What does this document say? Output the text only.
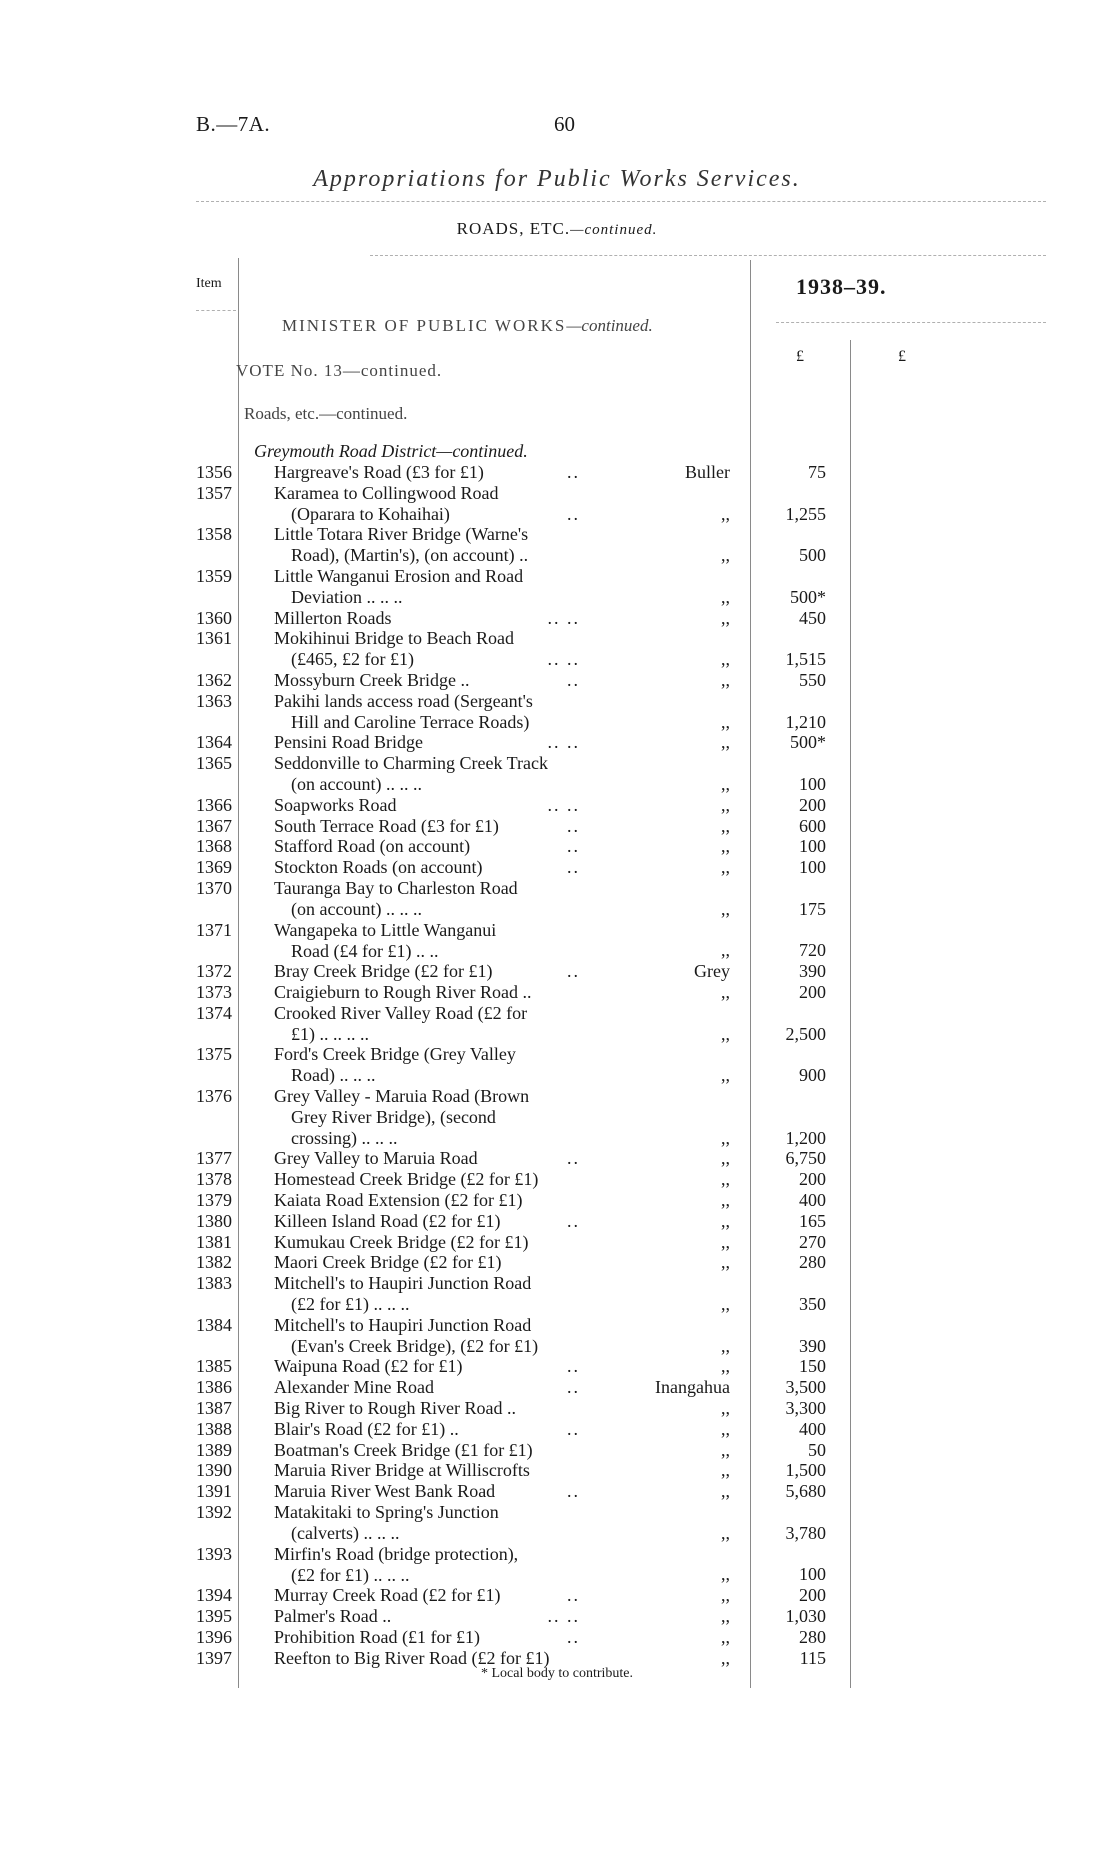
B.—7A.	60
Appropriations for Public Works Services.
ROADS, ETC.—continued.
Item	1938–39.
£	£
MINISTER OF PUBLIC WORKS—continued.
VOTE No. 13—continued.
Roads, etc.—continued.
Greymouth Road District—continued.
1356	Hargreave's Road (£3 for £1)	..	Buller	75
1357	Karamea to Collingwood Road
(Oparara to Kohaihai)	..	,,	1,255
1358	Little Totara River Bridge (Warne's
Road), (Martin's), (on account) ..	,,	500
1359	Little Wanganui Erosion and Road
Deviation .. .. ..	,,	500*
1360	Millerton Roads	.. ..	,,	450
1361	Mokihinui Bridge to Beach Road
(£465, £2 for £1)	.. ..	,,	1,515
1362	Mossyburn Creek Bridge ..	..	,,	550
1363	Pakihi lands access road (Sergeant's
Hill and Caroline Terrace Roads)	,,	1,210
1364	Pensini Road Bridge	.. ..	,,	500*
1365	Seddonville to Charming Creek Track
(on account) .. .. ..	,,	100
1366	Soapworks Road	.. ..	,,	200
1367	South Terrace Road (£3 for £1)	..	,,	600
1368	Stafford Road (on account)	..	,,	100
1369	Stockton Roads (on account)	..	,,	100
1370	Tauranga Bay to Charleston Road
(on account) .. .. ..	,,	175
1371	Wangapeka to Little Wanganui
Road (£4 for £1) .. ..	,,	720
1372	Bray Creek Bridge (£2 for £1)	..	Grey	390
1373	Craigieburn to Rough River Road ..	,,	200
1374	Crooked River Valley Road (£2 for
£1) .. .. .. ..	,,	2,500
1375	Ford's Creek Bridge (Grey Valley
Road) .. .. ..	,,	900
1376	Grey Valley - Maruia Road (Brown
Grey River Bridge), (second
crossing) .. .. ..	,,	1,200
1377	Grey Valley to Maruia Road	..	,,	6,750
1378	Homestead Creek Bridge (£2 for £1)	,,	200
1379	Kaiata Road Extension (£2 for £1)	,,	400
1380	Killeen Island Road (£2 for £1)	..	,,	165
1381	Kumukau Creek Bridge (£2 for £1)	,,	270
1382	Maori Creek Bridge (£2 for £1)	,,	280
1383	Mitchell's to Haupiri Junction Road
(£2 for £1) .. .. ..	,,	350
1384	Mitchell's to Haupiri Junction Road
(Evan's Creek Bridge), (£2 for £1)	,,	390
1385	Waipuna Road (£2 for £1)	..	,,	150
1386	Alexander Mine Road	..	Inangahua	3,500
1387	Big River to Rough River Road ..	,,	3,300
1388	Blair's Road (£2 for £1) ..	..	,,	400
1389	Boatman's Creek Bridge (£1 for £1)	,,	50
1390	Maruia River Bridge at Williscrofts	,,	1,500
1391	Maruia River West Bank Road	..	,,	5,680
1392	Matakitaki to Spring's Junction
(calverts) .. .. ..	,,	3,780
1393	Mirfin's Road (bridge protection),
(£2 for £1) .. .. ..	,,	100
1394	Murray Creek Road (£2 for £1)	..	,,	200
1395	Palmer's Road ..	.. ..	,,	1,030
1396	Prohibition Road (£1 for £1)	..	,,	280
1397	Reefton to Big River Road (£2 for £1)	,,	115
* Local body to contribute.
